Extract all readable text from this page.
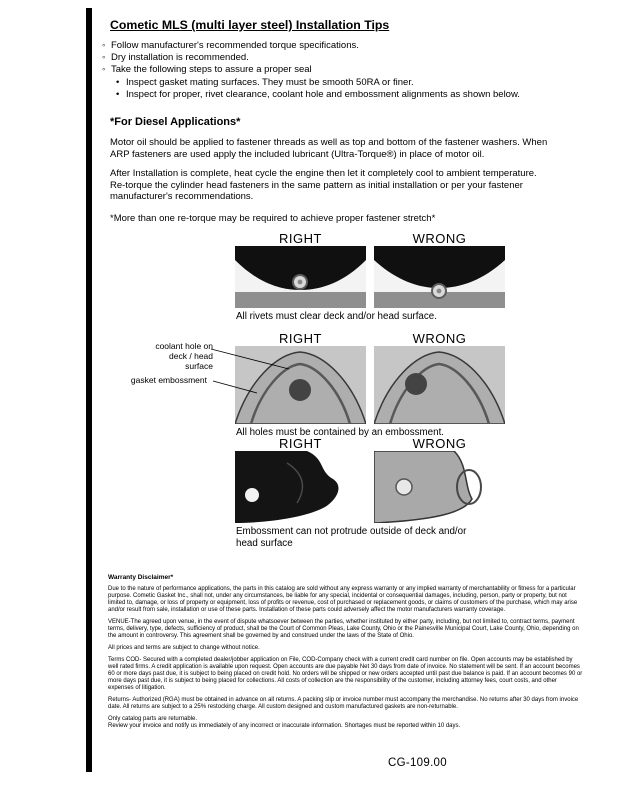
Cometic MLS (multi layer steel) Installation Tips
◦ Follow manufacturer's recommended torque specifications.
◦ Dry installation is recommended.
◦ Take the following steps to assure a proper seal
• Inspect gasket mating surfaces. They must be smooth 50RA or finer.
• Inspect for proper, rivet clearance, coolant hole and embossment alignments as shown below.
*For Diesel Applications*
Motor oil should be applied to fastener threads as well as top and bottom of the fastener washers. When ARP fasteners are used apply the included lubricant (Ultra-Torque®) in place of motor oil.
After Installation is complete, heat cycle the engine then let it completely cool to ambient temperature. Re-torque the cylinder head fasteners in the same pattern as initial installation or per your fastener manufacturer's recommendations.
*More than one re-torque may be required to achieve proper fastener stretch*
RIGHT	WRONG
All rivets must clear deck and/or head surface.
RIGHT	WRONG
All holes must be contained by an embossment.
RIGHT	WRONG
Embossment can not protrude outside of deck and/or head surface
coolant hole on deck / head surface
gasket embossment
Warranty Disclaimer*

Due to the nature of performance applications, the parts in this catalog are sold without any express warranty or any implied warranty of merchantability or fitness for a particular purpose. Cometic Gasket Inc., shall not, under any circumstances, be liable for any special, incidental or consequential damages, including, person, party or property, but not limited to, damage, or loss of property or equipment, loss of profits or revenue, cost of purchased or replacement goods, or claims of customers of the purchase, which may arise and/or result from sale, installation or use of these parts. Installation of these parts could adversely affect the motor manufacturers warranty coverage.

VENUE-The agreed upon venue, in the event of dispute whatsoever between the parties, whether instituted by either party, including, but not limited to, contract terms, payment terms, delivery, type, defects, sufficiency of product, shall be the Court of Common Pleas, Lake County, Ohio or the Painesville Municipal Court, Lake County, Ohio, depending on the amount in controversy. This agreement shall be governed by and construed under the laws of the State of Ohio.

All prices and terms are subject to change without notice.

Terms COD- Secured with a completed dealer/jobber application on File, COD-Company check with a current credit card number on file. Open accounts may be established by well rated firms. A credit application is available upon request. Open accounts are due payable Net 30 days from date of invoice. No statement will be sent. If an account becomes 60 or more days past due, it is subject to being placed on credit hold. No orders will be shipped or new orders accepted until past due balance is paid. If an account becomes 90 or more days past due, it is subject to being placed for collections. All costs of collection are the responsibility of the customer, including attorney fees, court costs, and other expenses of litigation.

Returns- Authorized (RGA) must be obtained in advance on all returns. A packing slip or invoice number must accompany the merchandise. No returns after 30 days from invoice date. All returns are subject to a 25% restocking charge. All custom designed and custom manufactured gaskets are non-returnable.

Only catalog parts are returnable.

Review your invoice and notify us immediately of any incorrect or inaccurate information. Shortages must be reported within 10 days.

CG-109.00
